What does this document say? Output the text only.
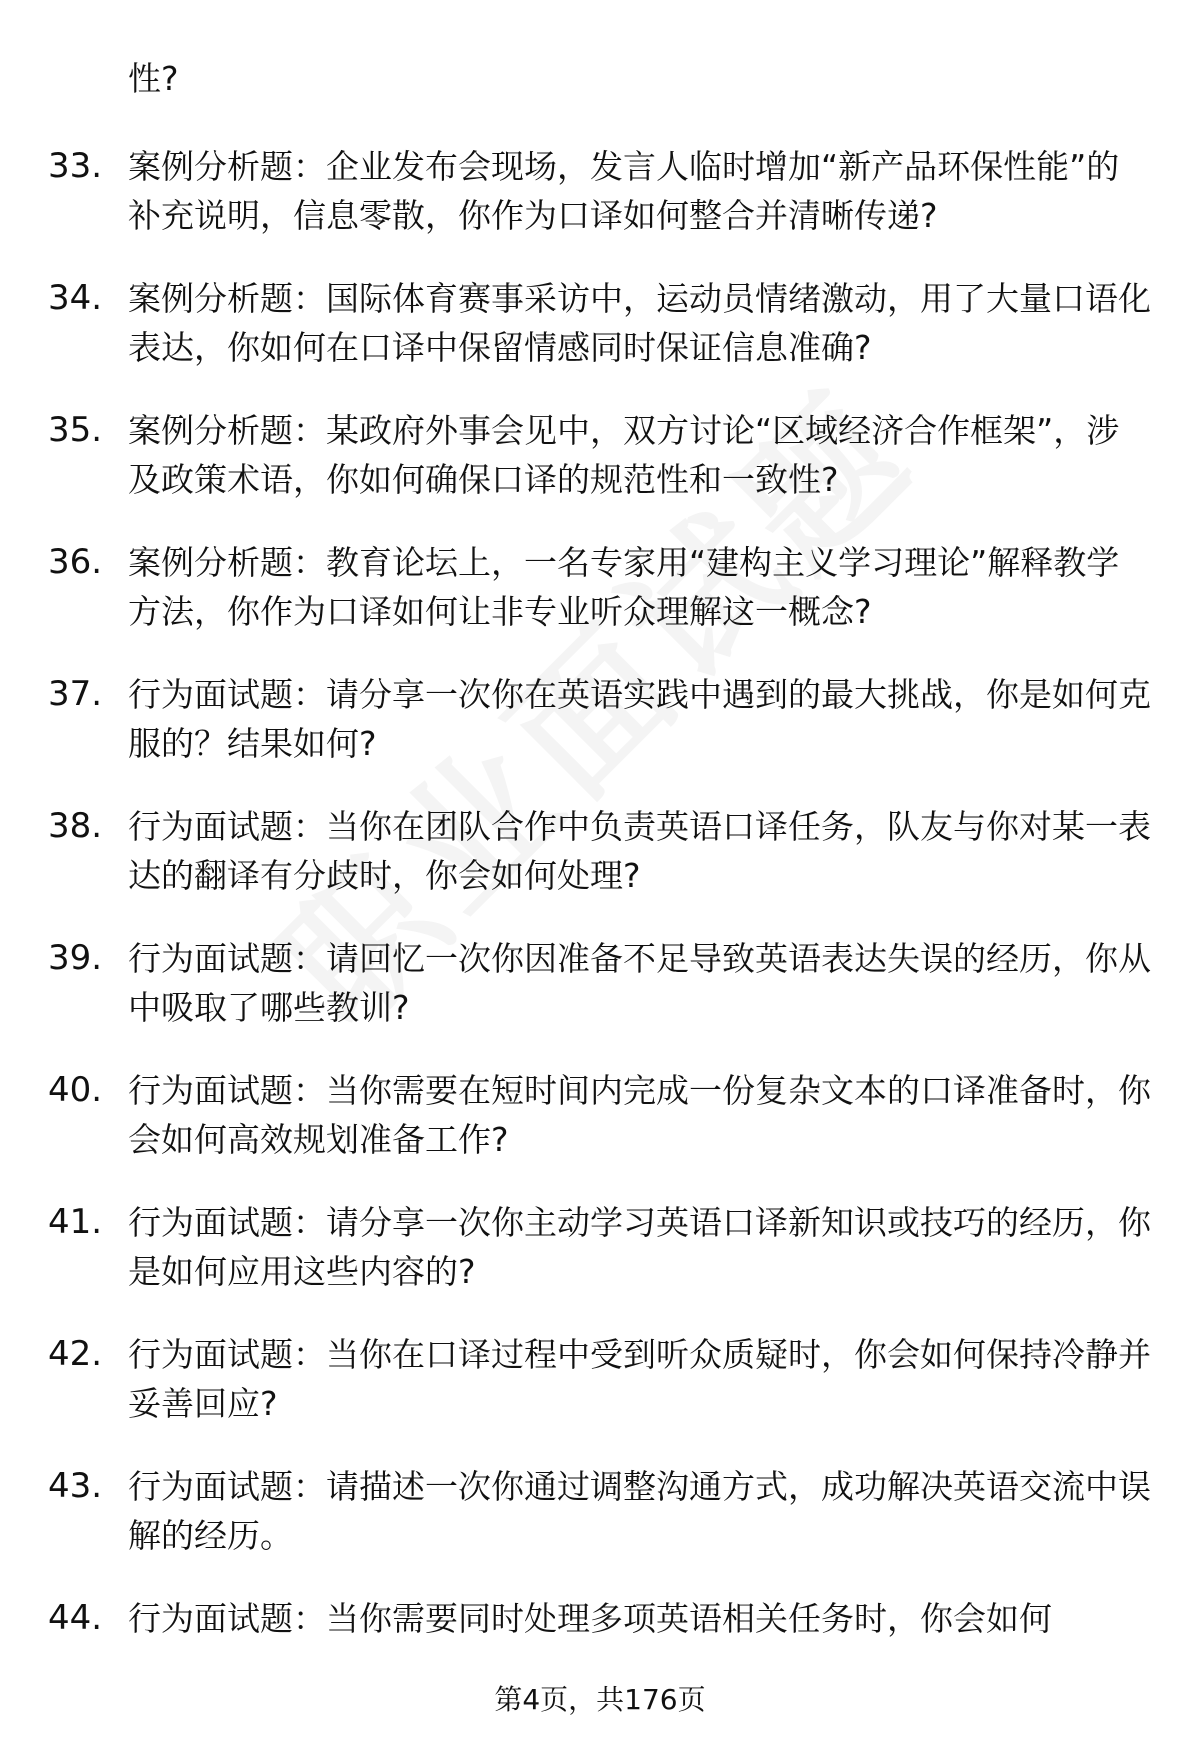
性?
33. 案例分析题：企业发布会现场，发言人临时增加“新产品环保性能”的补充说明，信息零散，你作为口译如何整合并清晰传递?
34. 案例分析题：国际体育赛事采访中，运动员情绪激动，用了大量口语化表达，你如何在口译中保留情感同时保证信息准确?
35. 案例分析题：某政府外事会见中，双方讨论“区域经济合作框架”，涉及政策术语，你如何确保口译的规范性和一致性?
36. 案例分析题：教育论坛上，一名专家用“建构主义学习理论”解释教学方法，你作为口译如何让非专业听众理解这一概念?
37. 行为面试题：请分享一次你在英语实践中遇到的最大挑战，你是如何克服的？结果如何?
38. 行为面试题：当你在团队合作中负责英语口译任务，队友与你对某一表达的翻译有分歧时，你会如何处理?
39. 行为面试题：请回忆一次你因准备不足导致英语表达失误的经历，你从中吸取了哪些教训?
40. 行为面试题：当你需要在短时间内完成一份复杂文本的口译准备时，你会如何高效规划准备工作?
41. 行为面试题：请分享一次你主动学习英语口译新知识或技巧的经历，你是如何应用这些内容的?
42. 行为面试题：当你在口译过程中受到听众质疑时，你会如何保持冷静并妥善回应?
43. 行为面试题：请描述一次你通过调整沟通方式，成功解决英语交流中误解的经历。
44. 行为面试题：当你需要同时处理多项英语相关任务时，你会如何
第4页，共176页
